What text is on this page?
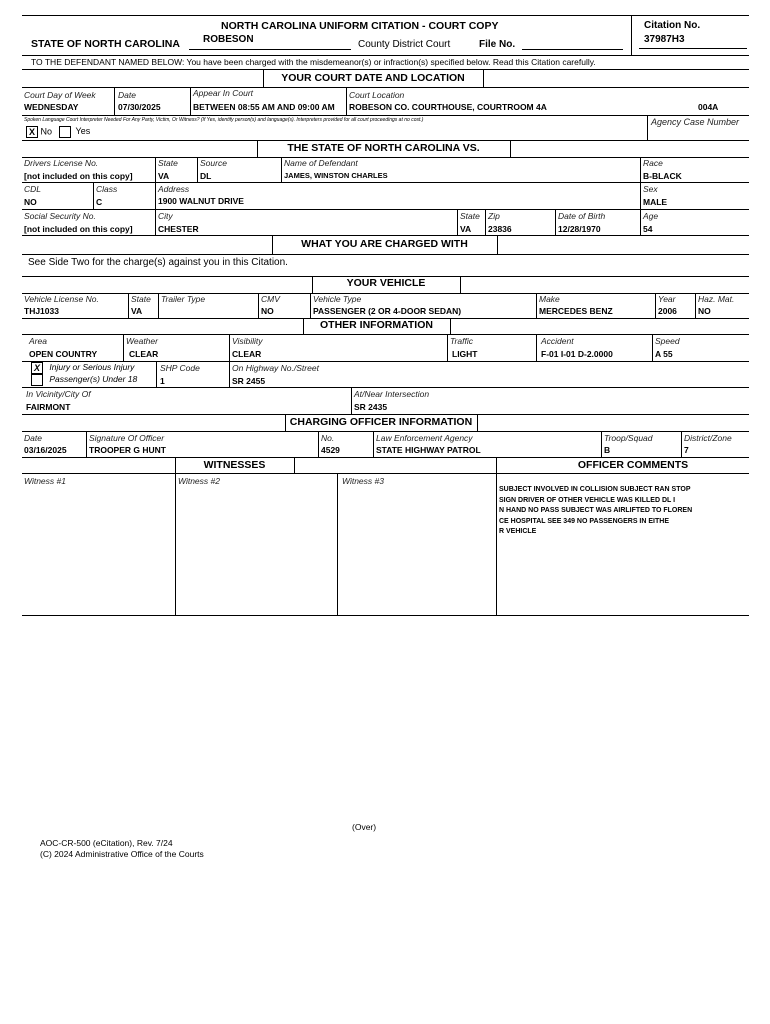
STATE OF NORTH CAROLINA
NORTH CAROLINA UNIFORM CITATION - COURT COPY
ROBESON	County District Court	File No.
Citation No.
37987H3
TO THE DEFENDANT NAMED BELOW: You have been charged with the misdemeanor(s) or infraction(s) specified below. Read this Citation carefully.
YOUR COURT DATE AND LOCATION
Court Day of Week
WEDNESDAY
Date
07/30/2025
Appear In Court
BETWEEN 08:55 AM AND 09:00 AM
Court Location
ROBESON CO. COURTHOUSE, COURTROOM 4A	004A
Spoken Language Court Interpreter Needed For Any Party, Victim, Or Witness? (If Yes, identify person(s) and language(s). Interpreters provided for all court proceedings at no cost.)	Agency Case Number
X No	Yes
THE STATE OF NORTH CAROLINA VS.
Drivers License No.
[not included on this copy]
State
VA
Source
DL
Name of Defendant
JAMES, WINSTON CHARLES
Race
B-BLACK
CDL
NO
Class
C
Address
1900 WALNUT DRIVE
Sex
MALE
Social Security No.
[not included on this copy]
City
CHESTER
State
VA
Zip
23836
Date of Birth
12/28/1970
Age
54
WHAT YOU ARE CHARGED WITH
See Side Two for the charge(s) against you in this Citation.
YOUR VEHICLE
Vehicle License No.
THJ1033
State
VA
Trailer Type	CMV
NO
Vehicle Type
PASSENGER (2 OR 4-DOOR SEDAN)
Make
MERCEDES BENZ
Year
2006
Haz. Mat.
NO
OTHER INFORMATION
Area
OPEN COUNTRY
Weather
CLEAR
Visibility
CLEAR
Traffic
LIGHT
Accident
F-01 I-01 D-2.0000
Speed
A 55
X Injury or Serious Injury
Passenger(s) Under 18
SHP Code
1
On Highway No./Street
SR 2455
In Vicinity/City Of
FAIRMONT
At/Near Intersection
SR 2435
CHARGING OFFICER INFORMATION
Date
03/16/2025
Signature Of Officer
TROOPER G HUNT
No.
4529
Law Enforcement Agency
STATE HIGHWAY PATROL
Troop/Squad
B
District/Zone
7
WITNESSES	OFFICER COMMENTS
Witness #1	Witness #2	Witness #3
SUBJECT INVOLVED IN COLLISION SUBJECT RAN STOP
SIGN DRIVER OF OTHER VEHICLE WAS KILLED DL I
N HAND NO PASS SUBJECT WAS AIRLIFTED TO FLOREN
CE HOSPITAL SEE 349 NO PASSENGERS IN EITHE
R VEHICLE
(Over)
AOC-CR-500 (eCitation), Rev. 7/24
(C) 2024 Administrative Office of the Courts
